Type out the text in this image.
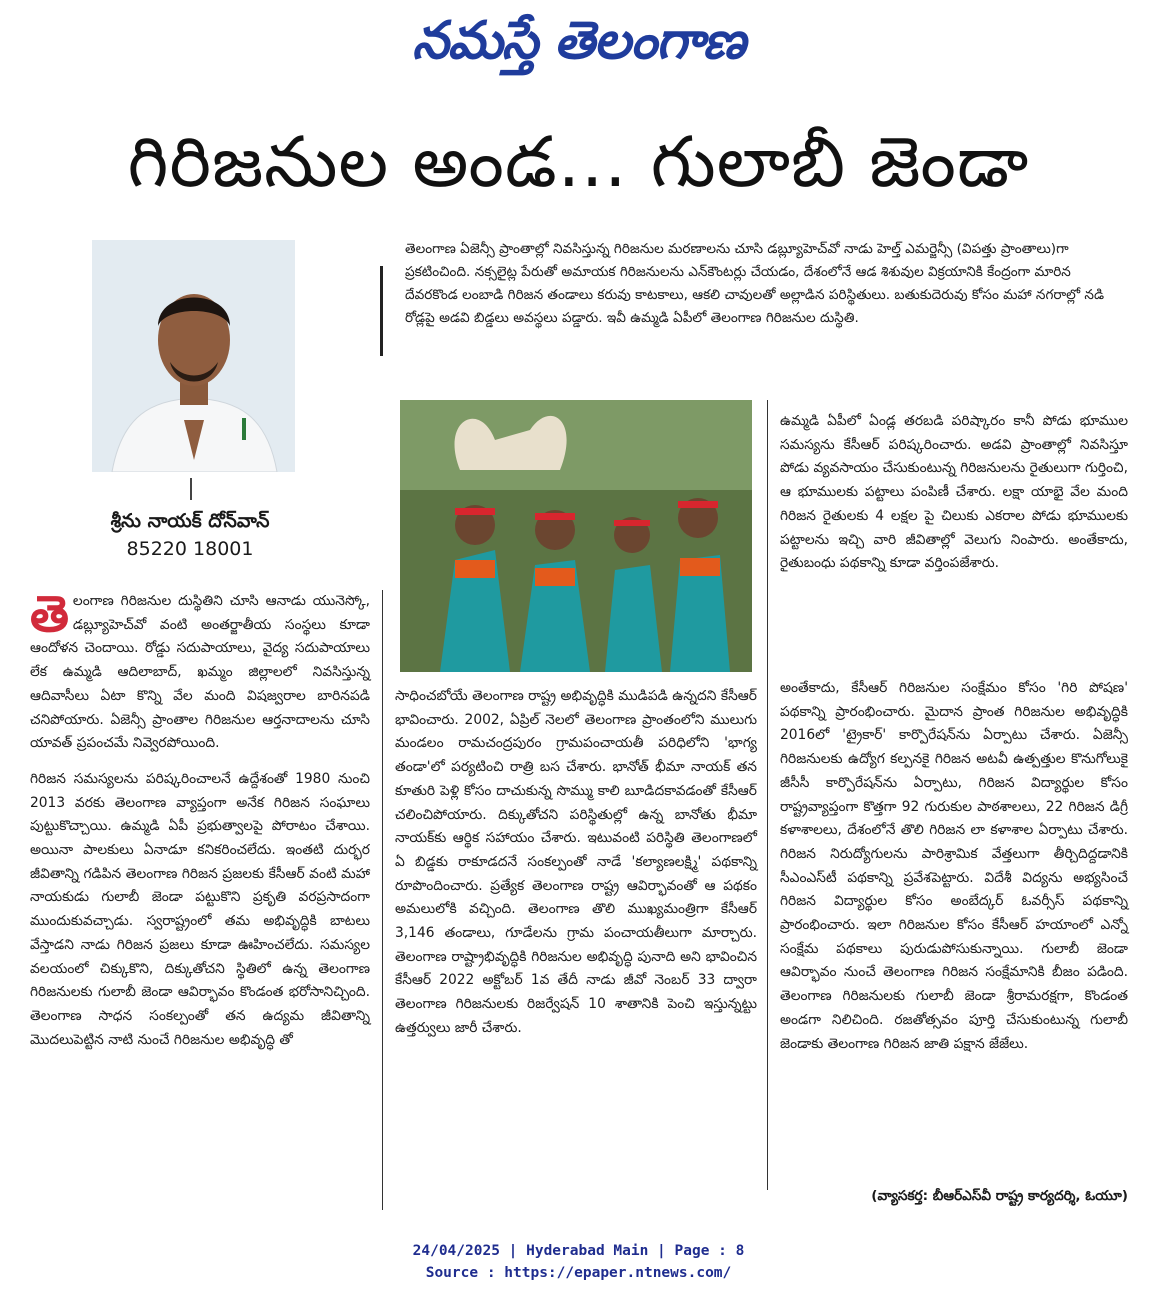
నమస్తే తెలంగాణ
గిరిజనుల అండ... గులాబీ జెండా
శ్రీను నాయక్ దోన్‌వాన్
85220 18001
తెలంగాణ ఏజెన్సీ ప్రాంతాల్లో నివసిస్తున్న గిరిజనుల మరణాలను చూసి డబ్ల్యూహెచ్‌వో నాడు హెల్త్ ఎమర్జెన్సీ (విపత్తు ప్రాంతాలు)గా ప్రకటించింది. నక్సలైట్ల పేరుతో అమాయక గిరిజనులను ఎన్‌కౌంటర్లు చేయడం, దేశంలోనే ఆడ శిశువుల విక్రయానికి కేంద్రంగా మారిన దేవరకొండ లంబాడి గిరిజన తండాలు కరువు కాటకాలు, ఆకలి చావులతో అల్లాడిన పరిస్థితులు. బతుకుదెరువు కోసం మహా నగరాల్లో నడి రోడ్లపై అడవి బిడ్డలు అవస్థలు పడ్డారు. ఇవీ ఉమ్మడి ఏపీలో తెలంగాణ గిరిజనుల దుస్థితి.

తెలంగాణ గిరిజనుల దుస్థితిని చూసి ఆనాడు యునెస్కో, డబ్ల్యూహెచ్‌వో వంటి అంతర్జాతీయ సంస్థలు కూడా ఆందోళన చెందాయి. రోడ్డు సదుపాయాలు, వైద్య సదుపాయాలు లేక ఉమ్మడి ఆదిలాబాద్, ఖమ్మం జిల్లాలలో నివసిస్తున్న ఆదివాసీలు ఏటా కొన్ని వేల మంది విషజ్వరాల బారినపడి చనిపోయారు. ఏజెన్సీ ప్రాంతాల గిరిజనుల ఆర్తనాదాలను చూసి యావత్ ప్రపంచమే నివ్వెరపోయింది.

గిరిజన సమస్యలను పరిష్కరించాలనే ఉద్దేశంతో 1980 నుంచి 2013 వరకు తెలంగాణ వ్యాప్తంగా అనేక గిరిజన సంఘాలు పుట్టుకొచ్చాయి. ఉమ్మడి ఏపీ ప్రభుత్వాలపై పోరాటం చేశాయి. అయినా పాలకులు ఏనాడూ కనికరించలేదు. ఇంతటి దుర్భర జీవితాన్ని గడిపిన తెలంగాణ గిరిజన ప్రజలకు కేసీఆర్ వంటి మహా నాయకుడు గులాబీ జెండా పట్టుకొని ప్రకృతి వరప్రసాదంగా ముందుకువచ్చాడు. స్వరాష్ట్రంలో తమ అభివృద్ధికి బాటలు వేస్తాడని నాడు గిరిజన ప్రజలు కూడా ఊహించలేదు. సమస్యల వలయంలో చిక్కుకొని, దిక్కుతోచని స్థితిలో ఉన్న తెలంగాణ గిరిజనులకు గులాబీ జెండా ఆవిర్భావం కొండంత భరోసానిచ్చింది. తెలంగాణ సాధన సంకల్పంతో తన ఉద్యమ జీవితాన్ని మొదలుపెట్టిన నాటి నుంచే గిరిజనుల అభివృద్ధి తో

సాధించబోయే తెలంగాణ రాష్ట్ర అభివృద్ధికి ముడిపడి ఉన్నదని కేసీఆర్ భావించారు. 2002, ఏప్రిల్ నెలలో తెలంగాణ ప్రాంతంలోని ములుగు మండలం రామచంద్రపురం గ్రామపంచాయతీ పరిధిలోని 'భాగ్య తండా'లో పర్యటించి రాత్రి బస చేశారు. భానోత్ భీమా నాయక్ తన కూతురి పెళ్లి కోసం దాచుకున్న సొమ్ము కాలి బూడిదకావడంతో కేసీఆర్ చలించిపోయారు. దిక్కుతోచని పరిస్థితుల్లో ఉన్న బానోతు భీమా నాయక్‌కు ఆర్థిక సహాయం చేశారు. ఇటువంటి పరిస్థితి తెలంగాణలో ఏ బిడ్డకు రాకూడదనే సంకల్పంతో నాడే 'కల్యాణలక్ష్మి' పథకాన్ని రూపొందించారు. ప్రత్యేక తెలంగాణ రాష్ట్ర ఆవిర్భావంతో ఆ పథకం అమలులోకి వచ్చింది. తెలంగాణ తొలి ముఖ్యమంత్రిగా కేసీఆర్ 3,146 తండాలు, గూడేలను గ్రామ పంచాయతీలుగా మార్చారు. తెలంగాణ రాష్ట్రాభివృద్ధికి గిరిజనుల అభివృద్ధి పునాది అని భావించిన కేసీఆర్ 2022 అక్టోబర్ 1వ తేదీ నాడు జీవో నెంబర్ 33 ద్వారా తెలంగాణ గిరిజనులకు రిజర్వేషన్ 10 శాతానికి పెంచి ఇస్తున్నట్టు ఉత్తర్వులు జారీ చేశారు.

ఉమ్మడి ఏపీలో ఏండ్ల తరబడి పరిష్కారం కానీ పోడు భూముల సమస్యను కేసీఆర్ పరిష్కరించారు. అడవి ప్రాంతాల్లో నివసిస్తూ పోడు వ్యవసాయం చేసుకుంటున్న గిరిజనులను రైతులుగా గుర్తించి, ఆ భూములకు పట్టాలు పంపిణీ చేశారు. లక్షా యాభై వేల మంది గిరిజన రైతులకు 4 లక్షల పై చిలుకు ఎకరాల పోడు భూములకు పట్టాలను ఇచ్చి వారి జీవితాల్లో వెలుగు నింపారు. అంతేకాదు, రైతుబంధు పథకాన్ని కూడా వర్తింపజేశారు.

అంతేకాదు, కేసీఆర్ గిరిజనుల సంక్షేమం కోసం 'గిరి పోషణ' పథకాన్ని ప్రారంభించారు. మైదాన ప్రాంత గిరిజనుల అభివృద్ధికి 2016లో 'ట్రైకార్' కార్పొరేషన్‌ను ఏర్పాటు చేశారు. ఏజెన్సీ గిరిజనులకు ఉద్యోగ కల్పనకై గిరిజన అటవీ ఉత్పత్తుల కొనుగోలుకై జీసీసీ కార్పొరేషన్‌ను ఏర్పాటు, గిరిజన విద్యార్థుల కోసం రాష్ట్రవ్యాప్తంగా కొత్తగా 92 గురుకుల పాఠశాలలు, 22 గిరిజన డిగ్రీ కళాశాలలు, దేశంలోనే తొలి గిరిజన లా కళాశాల ఏర్పాటు చేశారు. గిరిజన నిరుద్యోగులను పారిశ్రామిక వేత్తలుగా తీర్చిదిద్దడానికి సీఎంఎస్‌టీ పథకాన్ని ప్రవేశపెట్టారు. విదేశీ విద్యను అభ్యసించే గిరిజన విద్యార్థుల కోసం అంబేద్కర్ ఓవర్సీస్ పథకాన్ని ప్రారంభించారు. ఇలా గిరిజనుల కోసం కేసీఆర్ హయాంలో ఎన్నో సంక్షేమ పథకాలు పురుడుపోసుకున్నాయి. గులాబీ జెండా ఆవిర్భావం నుంచే తెలంగాణ గిరిజన సంక్షేమానికి బీజం పడింది. తెలంగాణ గిరిజనులకు గులాబీ జెండా శ్రీరామరక్షగా, కొండంత అండగా నిలిచింది. రజతోత్సవం పూర్తి చేసుకుంటున్న గులాబీ జెండాకు తెలంగాణ గిరిజన జాతి పక్షాన జేజేలు.

(వ్యాసకర్త: బీఆర్‌ఎస్‌వీ రాష్ట్ర కార్యదర్శి, ఓయూ)
24/04/2025 | Hyderabad Main | Page : 8
Source : https://epaper.ntnews.com/
